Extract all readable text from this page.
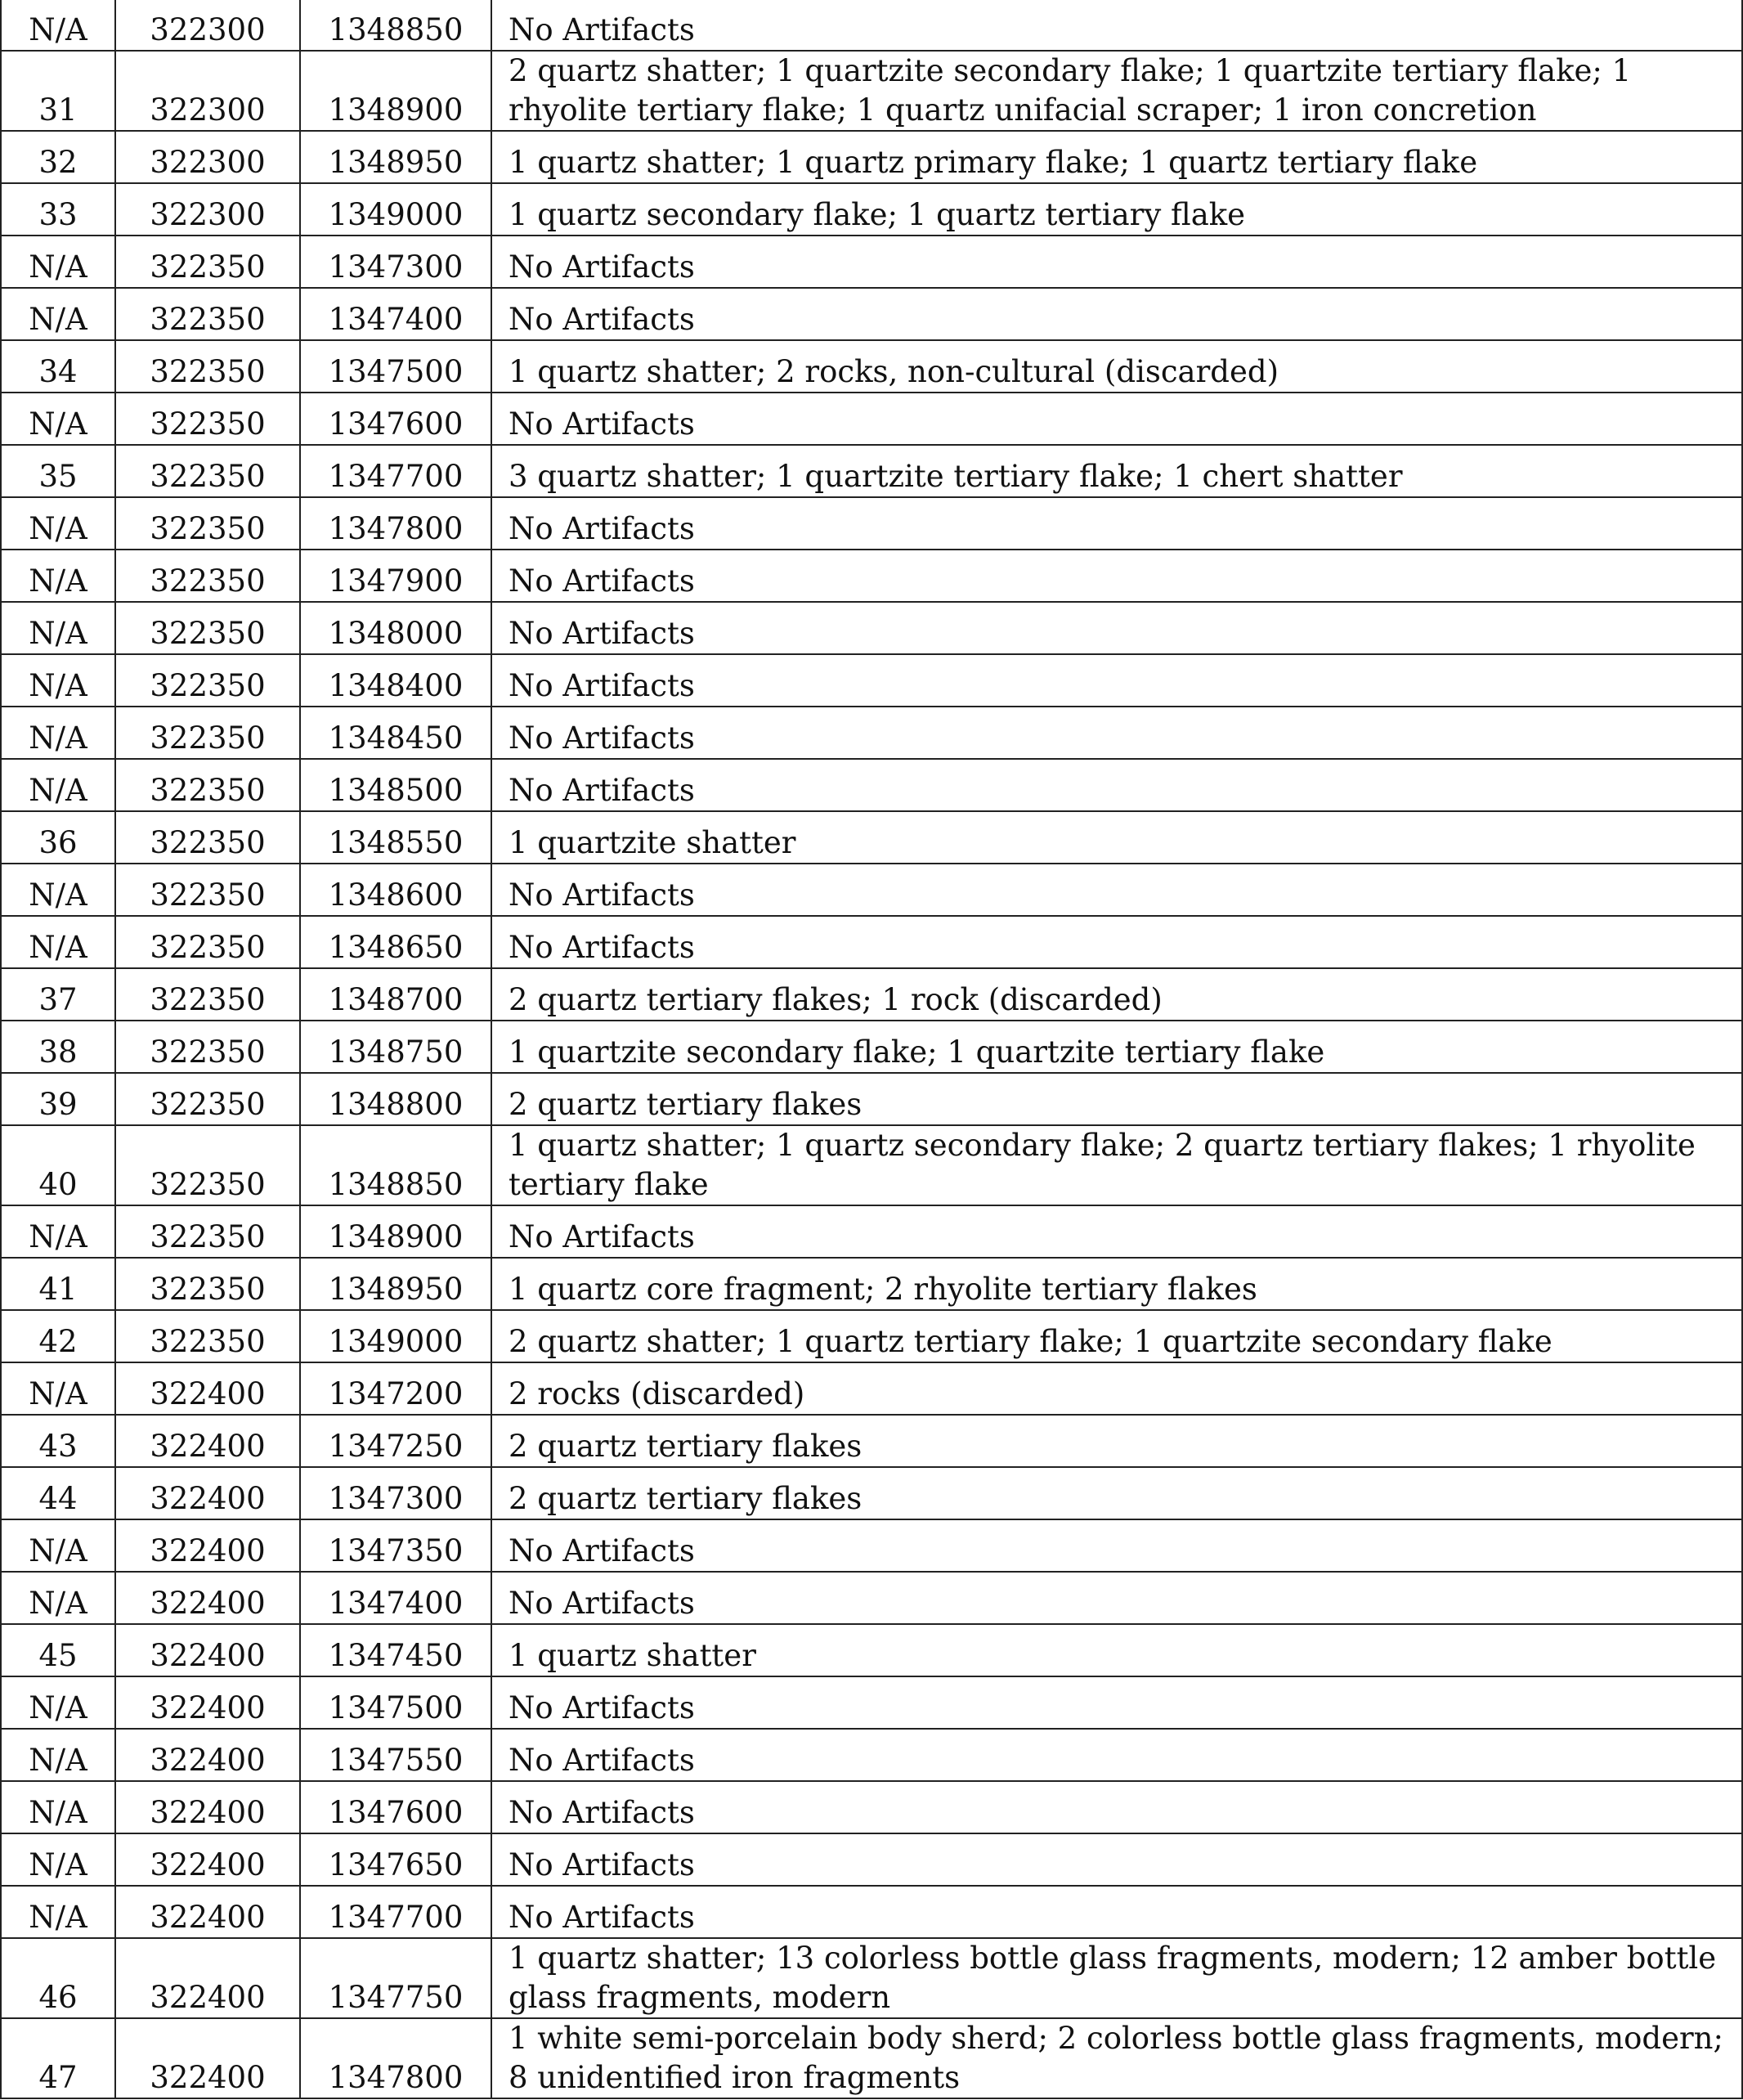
N/A	322300	1348850	No Artifacts
31	322300	1348900	2 quartz shatter; 1 quartzite secondary flake; 1 quartzite tertiary flake; 1 rhyolite tertiary flake; 1 quartz unifacial scraper; 1 iron concretion
32	322300	1348950	1 quartz shatter; 1 quartz primary flake; 1 quartz tertiary flake
33	322300	1349000	1 quartz secondary flake; 1 quartz tertiary flake
N/A	322350	1347300	No Artifacts
N/A	322350	1347400	No Artifacts
34	322350	1347500	1 quartz shatter; 2 rocks, non-cultural (discarded)
N/A	322350	1347600	No Artifacts
35	322350	1347700	3 quartz shatter; 1 quartzite tertiary flake; 1 chert shatter
N/A	322350	1347800	No Artifacts
N/A	322350	1347900	No Artifacts
N/A	322350	1348000	No Artifacts
N/A	322350	1348400	No Artifacts
N/A	322350	1348450	No Artifacts
N/A	322350	1348500	No Artifacts
36	322350	1348550	1 quartzite shatter
N/A	322350	1348600	No Artifacts
N/A	322350	1348650	No Artifacts
37	322350	1348700	2 quartz tertiary flakes; 1 rock (discarded)
38	322350	1348750	1 quartzite secondary flake; 1 quartzite tertiary flake
39	322350	1348800	2 quartz tertiary flakes
40	322350	1348850	1 quartz shatter; 1 quartz secondary flake; 2 quartz tertiary flakes; 1 rhyolite tertiary flake
N/A	322350	1348900	No Artifacts
41	322350	1348950	1 quartz core fragment; 2 rhyolite tertiary flakes
42	322350	1349000	2 quartz shatter; 1 quartz tertiary flake; 1 quartzite secondary flake
N/A	322400	1347200	2 rocks (discarded)
43	322400	1347250	2 quartz tertiary flakes
44	322400	1347300	2 quartz tertiary flakes
N/A	322400	1347350	No Artifacts
N/A	322400	1347400	No Artifacts
45	322400	1347450	1 quartz shatter
N/A	322400	1347500	No Artifacts
N/A	322400	1347550	No Artifacts
N/A	322400	1347600	No Artifacts
N/A	322400	1347650	No Artifacts
N/A	322400	1347700	No Artifacts
46	322400	1347750	1 quartz shatter; 13 colorless bottle glass fragments, modern; 12 amber bottle glass fragments, modern
47	322400	1347800	1 white semi-porcelain body sherd; 2 colorless bottle glass fragments, modern; 8 unidentified iron fragments
